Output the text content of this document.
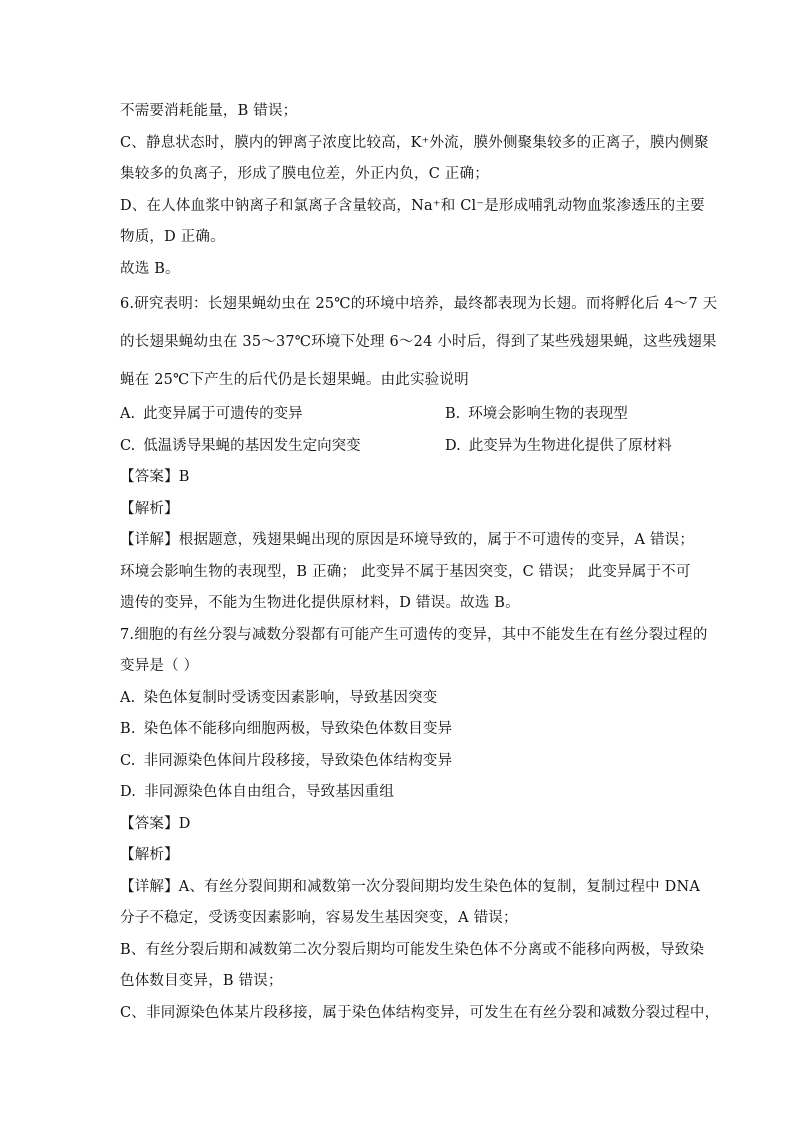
不需要消耗能量，B 错误；
C、静息状态时，膜内的钾离子浓度比较高，K⁺外流，膜外侧聚集较多的正离子，膜内侧聚
集较多的负离子，形成了膜电位差，外正内负，C 正确；
D、在人体血浆中钠离子和氯离子含量较高，Na⁺和 Cl⁻是形成哺乳动物血浆渗透压的主要
物质，D 正确。
故选 B。
6.研究表明：长翅果蝇幼虫在 25℃的环境中培养，最终都表现为长翅。而将孵化后 4～7 天
的长翅果蝇幼虫在 35～37℃环境下处理 6～24 小时后，得到了某些残翅果蝇，这些残翅果
蝇在 25℃下产生的后代仍是长翅果蝇。由此实验说明
A. 此变异属于可遗传的变异	B. 环境会影响生物的表现型
C. 低温诱导果蝇的基因发生定向突变	D. 此变异为生物进化提供了原材料
【答案】B
【解析】
【详解】根据题意，残翅果蝇出现的原因是环境导致的，属于不可遗传的变异，A 错误；
环境会影响生物的表现型，B 正确； 此变异不属于基因突变，C 错误； 此变异属于不可
遗传的变异，不能为生物进化提供原材料，D 错误。故选 B。
7.细胞的有丝分裂与减数分裂都有可能产生可遗传的变异，其中不能发生在有丝分裂过程的
变异是（ ）
A. 染色体复制时受诱变因素影响，导致基因突变
B. 染色体不能移向细胞两极，导致染色体数目变异
C. 非同源染色体间片段移接，导致染色体结构变异
D. 非同源染色体自由组合，导致基因重组
【答案】D
【解析】
【详解】A、有丝分裂间期和减数第一次分裂间期均发生染色体的复制，复制过程中 DNA
分子不稳定，受诱变因素影响，容易发生基因突变，A 错误；
B、有丝分裂后期和减数第二次分裂后期均可能发生染色体不分离或不能移向两极，导致染
色体数目变异，B 错误；
C、非同源染色体某片段移接，属于染色体结构变异，可发生在有丝分裂和减数分裂过程中，
